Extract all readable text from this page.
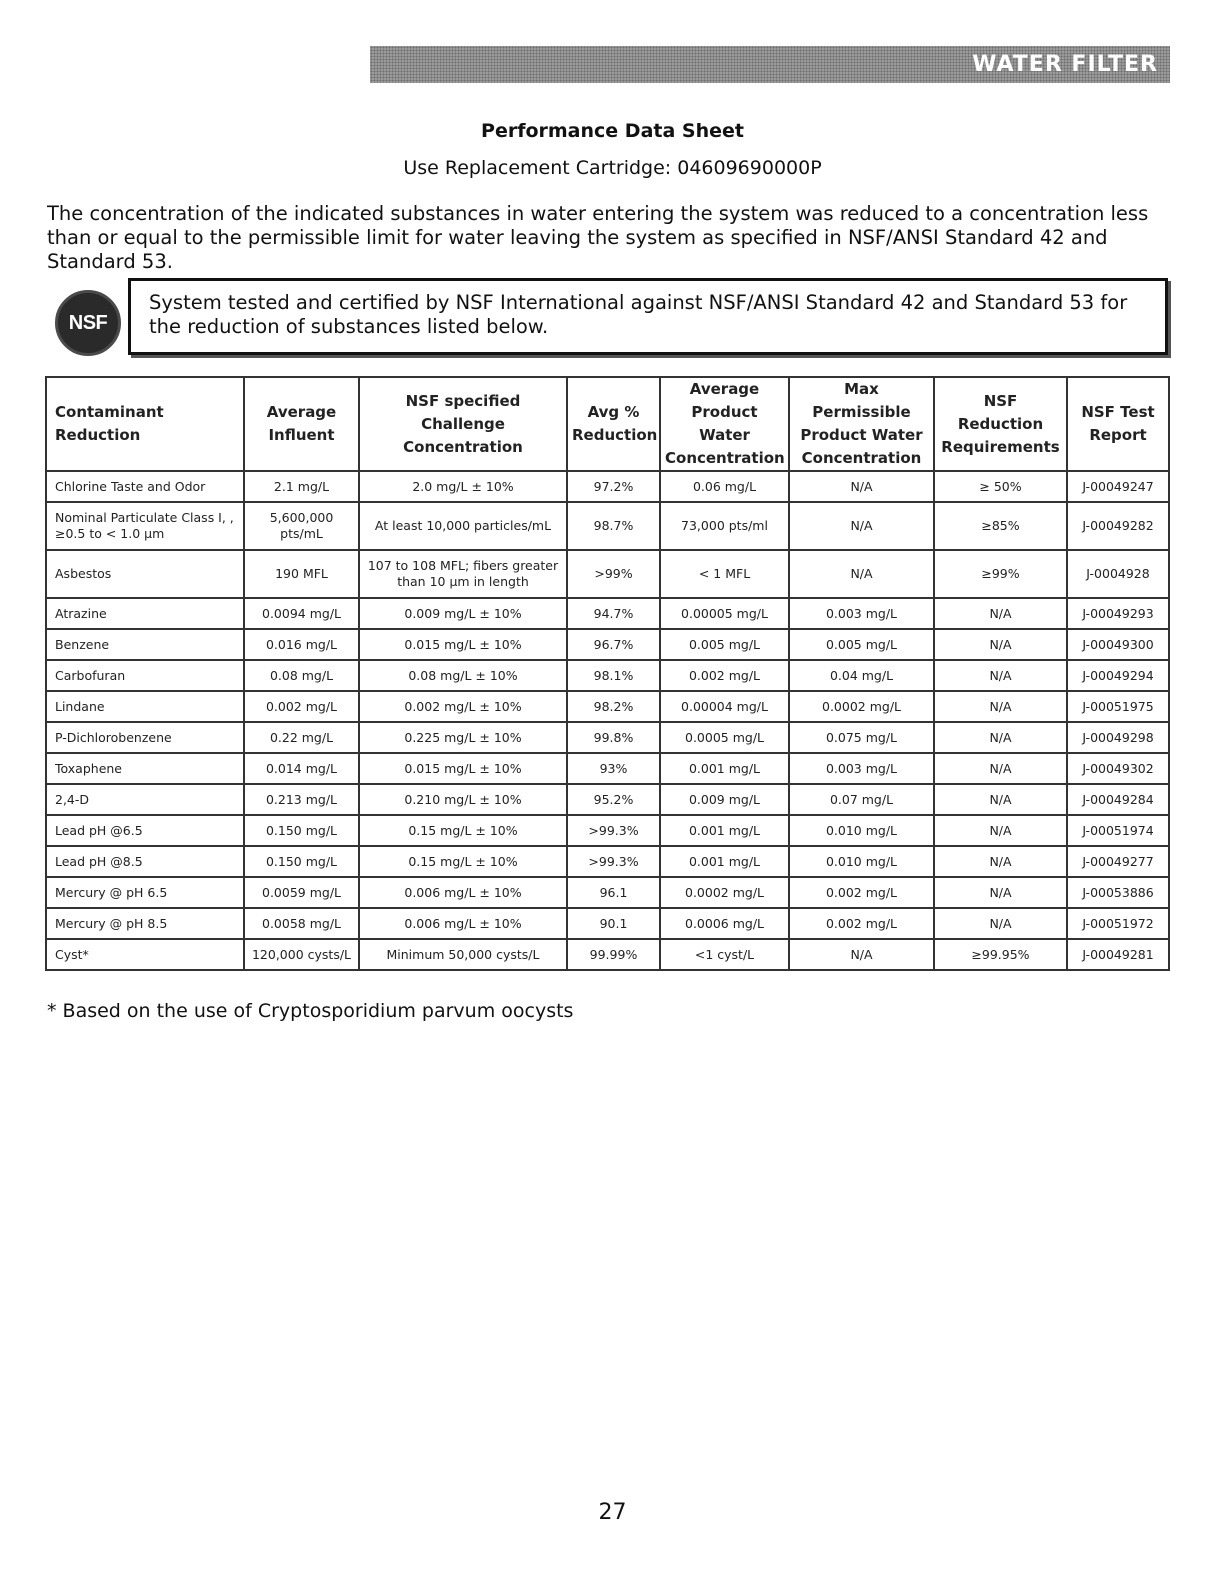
WATER FILTER
Performance Data Sheet
Use Replacement Cartridge: 04609690000P
The concentration of the indicated substances in water entering the system was reduced to a concentration less than or equal to the permissible limit for water leaving the system as specified in NSF/ANSI Standard 42 and Standard 53.
NSF
System tested and certified by NSF International against NSF/ANSI Standard 42 and Standard 53 for the reduction of substances listed below.
Contaminant Reduction	Average Influent	NSF specified Challenge Concentration	Avg % Reduction	Average Product Water Concentration	Max Permissible Product Water Concentration	NSF Reduction Requirements	NSF Test Report
Chlorine Taste and Odor	2.1 mg/L	2.0 mg/L ± 10%	97.2%	0.06 mg/L	N/A	≥ 50%	J-00049247
Nominal Particulate Class I, , ≥0.5 to < 1.0 μm	5,600,000 pts/mL	At least 10,000 particles/mL	98.7%	73,000 pts/ml	N/A	≥85%	J-00049282
Asbestos	190 MFL	107 to 108 MFL; fibers greater than 10 μm in length	>99%	< 1 MFL	N/A	≥99%	J-0004928
Atrazine	0.0094 mg/L	0.009 mg/L ± 10%	94.7%	0.00005 mg/L	0.003 mg/L	N/A	J-00049293
Benzene	0.016 mg/L	0.015 mg/L ± 10%	96.7%	0.005 mg/L	0.005 mg/L	N/A	J-00049300
Carbofuran	0.08 mg/L	0.08 mg/L ± 10%	98.1%	0.002 mg/L	0.04 mg/L	N/A	J-00049294
Lindane	0.002 mg/L	0.002 mg/L ± 10%	98.2%	0.00004 mg/L	0.0002 mg/L	N/A	J-00051975
P-Dichlorobenzene	0.22 mg/L	0.225 mg/L ± 10%	99.8%	0.0005 mg/L	0.075 mg/L	N/A	J-00049298
Toxaphene	0.014 mg/L	0.015 mg/L ± 10%	93%	0.001 mg/L	0.003 mg/L	N/A	J-00049302
2,4-D	0.213 mg/L	0.210 mg/L ± 10%	95.2%	0.009 mg/L	0.07 mg/L	N/A	J-00049284
Lead pH @6.5	0.150 mg/L	0.15 mg/L ± 10%	>99.3%	0.001 mg/L	0.010 mg/L	N/A	J-00051974
Lead pH @8.5	0.150 mg/L	0.15 mg/L ± 10%	>99.3%	0.001 mg/L	0.010 mg/L	N/A	J-00049277
Mercury @ pH 6.5	0.0059 mg/L	0.006 mg/L ± 10%	96.1	0.0002 mg/L	0.002 mg/L	N/A	J-00053886
Mercury @ pH 8.5	0.0058 mg/L	0.006 mg/L ± 10%	90.1	0.0006 mg/L	0.002 mg/L	N/A	J-00051972
Cyst*	120,000 cysts/L	Minimum 50,000 cysts/L	99.99%	<1 cyst/L	N/A	≥99.95%	J-00049281
* Based on the use of Cryptosporidium parvum oocysts
27
